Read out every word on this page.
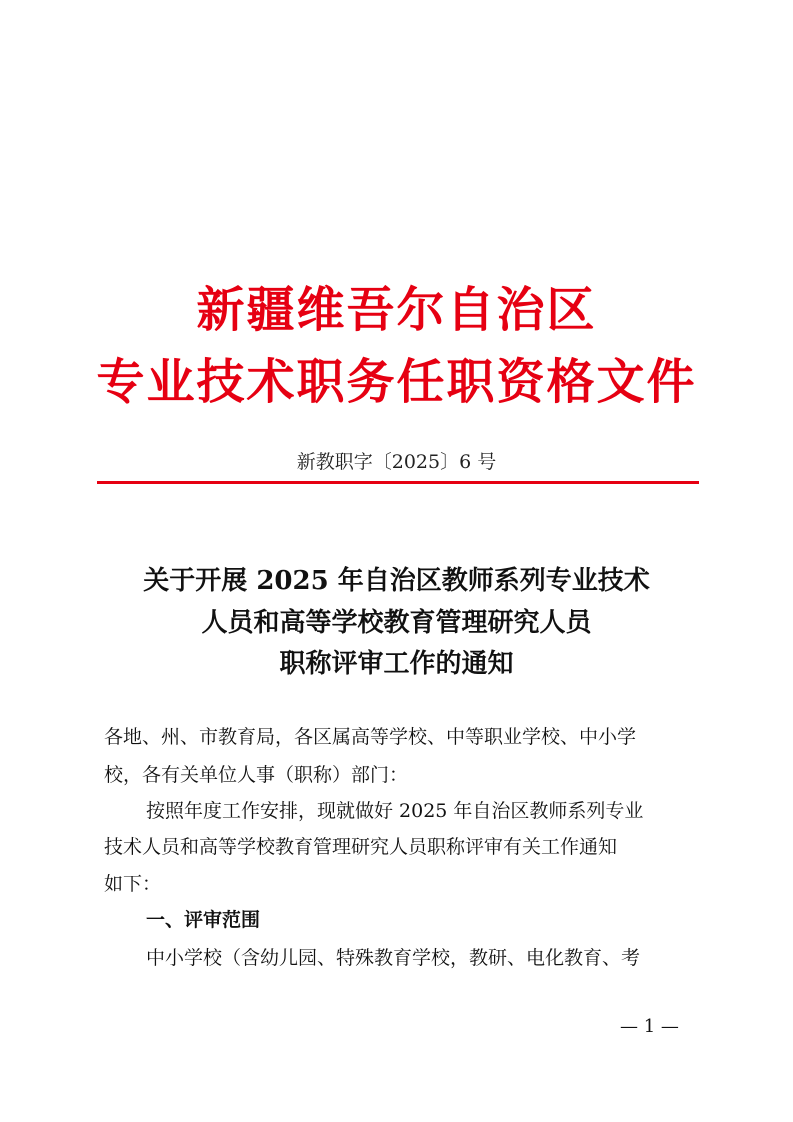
新疆维吾尔自治区
专业技术职务任职资格文件
新教职字〔2025〕6 号
关于开展 2025 年自治区教师系列专业技术
人员和高等学校教育管理研究人员
职称评审工作的通知
各地、州、市教育局，各区属高等学校、中等职业学校、中小学
校，各有关单位人事（职称）部门：
按照年度工作安排，现就做好 2025 年自治区教师系列专业
技术人员和高等学校教育管理研究人员职称评审有关工作通知
如下：
一、评审范围
中小学校（含幼儿园、特殊教育学校，教研、电化教育、考
— 1 —
